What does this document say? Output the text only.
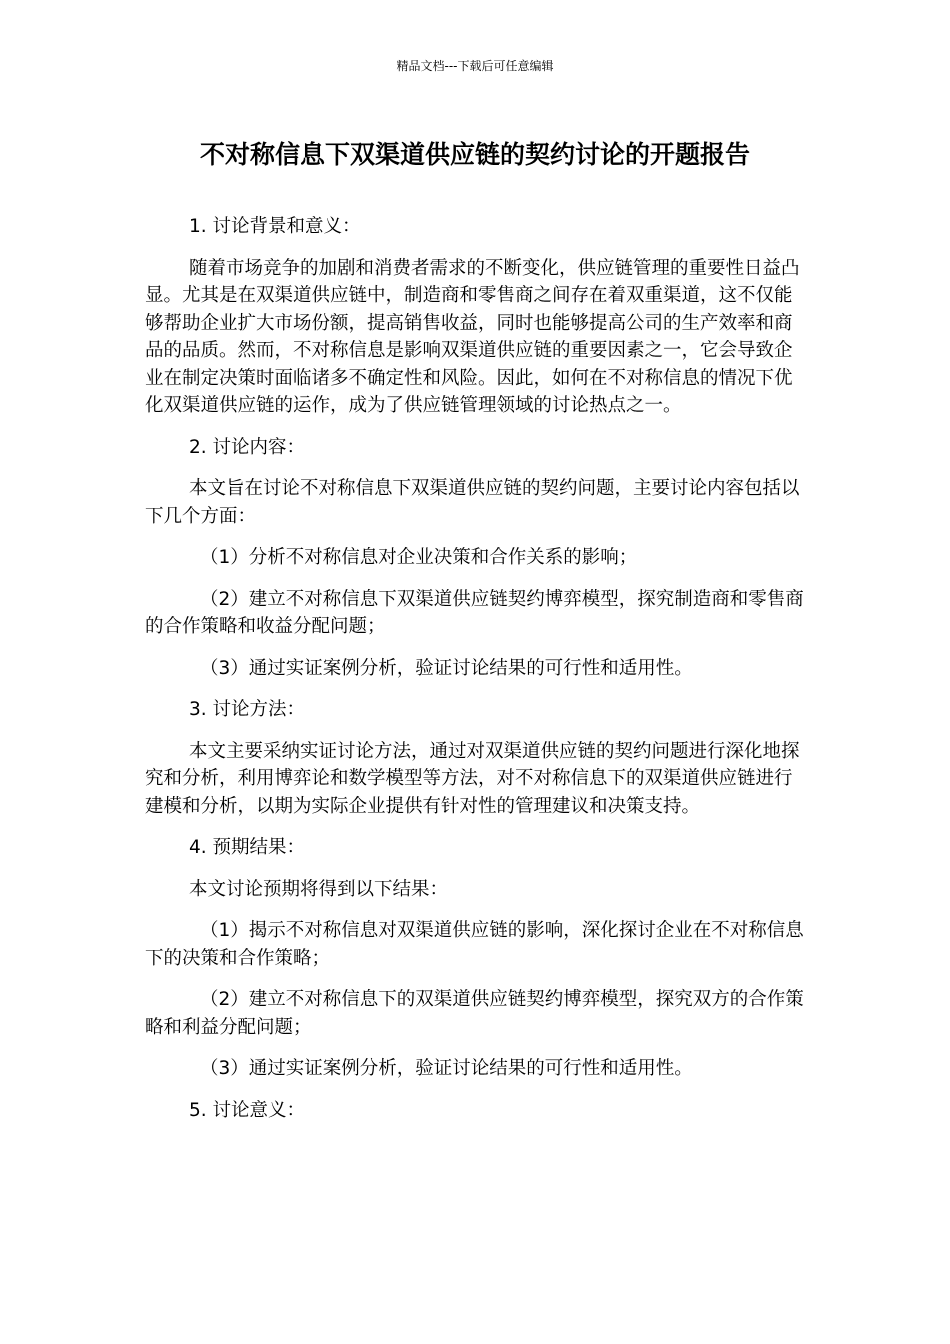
精品文档---下载后可任意编辑
不对称信息下双渠道供应链的契约讨论的开题报告

1. 讨论背景和意义：

随着市场竞争的加剧和消费者需求的不断变化，供应链管理的重要性日益凸显。尤其是在双渠道供应链中，制造商和零售商之间存在着双重渠道，这不仅能够帮助企业扩大市场份额，提高销售收益，同时也能够提高公司的生产效率和商品的品质。然而，不对称信息是影响双渠道供应链的重要因素之一，它会导致企业在制定决策时面临诸多不确定性和风险。因此，如何在不对称信息的情况下优化双渠道供应链的运作，成为了供应链管理领域的讨论热点之一。

2. 讨论内容：

本文旨在讨论不对称信息下双渠道供应链的契约问题，主要讨论内容包括以下几个方面：

（1）分析不对称信息对企业决策和合作关系的影响；

（2）建立不对称信息下双渠道供应链契约博弈模型，探究制造商和零售商的合作策略和收益分配问题；

（3）通过实证案例分析，验证讨论结果的可行性和适用性。

3. 讨论方法：

本文主要采纳实证讨论方法，通过对双渠道供应链的契约问题进行深化地探究和分析，利用博弈论和数学模型等方法，对不对称信息下的双渠道供应链进行建模和分析，以期为实际企业提供有针对性的管理建议和决策支持。

4. 预期结果：

本文讨论预期将得到以下结果：

（1）揭示不对称信息对双渠道供应链的影响，深化探讨企业在不对称信息下的决策和合作策略；

（2）建立不对称信息下的双渠道供应链契约博弈模型，探究双方的合作策略和利益分配问题；

（3）通过实证案例分析，验证讨论结果的可行性和适用性。

5. 讨论意义：
